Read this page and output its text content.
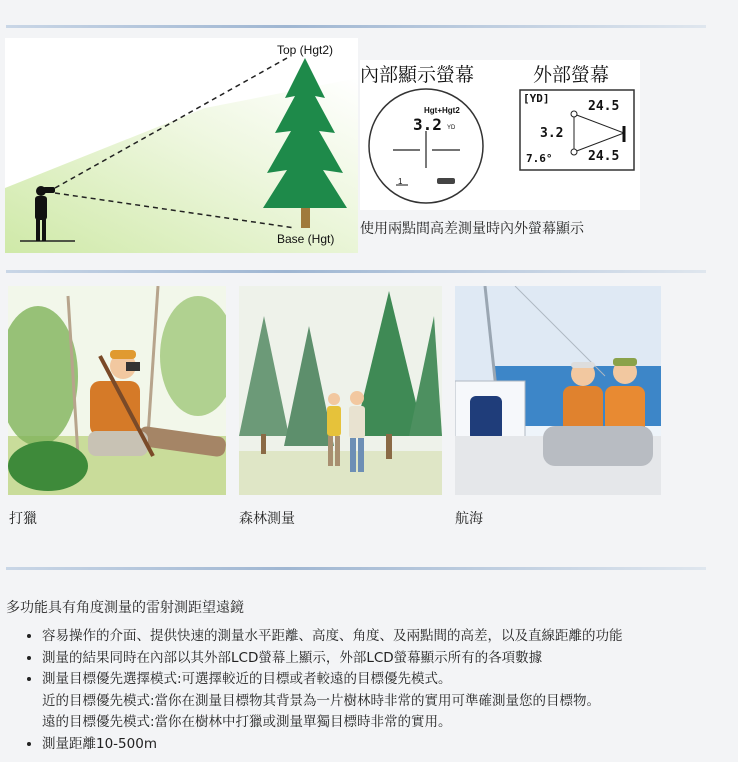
Top (Hgt2)
Base (Hgt)
內部顯示螢幕	外部螢幕
1
Hgt+Hgt2
3.2 YD
[YD]
24.5
3.2
7.6°	24.5
使用兩點間高差測量時內外螢幕顯示
打獵	森林測量	航海
多功能具有角度測量的雷射測距望遠鏡
• 容易操作的介面、提供快速的測量水平距離、高度、角度、及兩點間的高差，以及直線距離的功能
• 測量的結果同時在內部以其外部LCD螢幕上顯示，外部LCD螢幕顯示所有的各項數據
• 測量目標優先選擇模式:可選擇較近的目標或者較遠的目標優先模式。
近的目標優先模式:當你在測量目標物其背景為一片樹林時非常的實用可準確測量您的目標物。
遠的目標優先模式:當你在樹林中打獵或測量單獨目標時非常的實用。
• 測量距離10-500m
